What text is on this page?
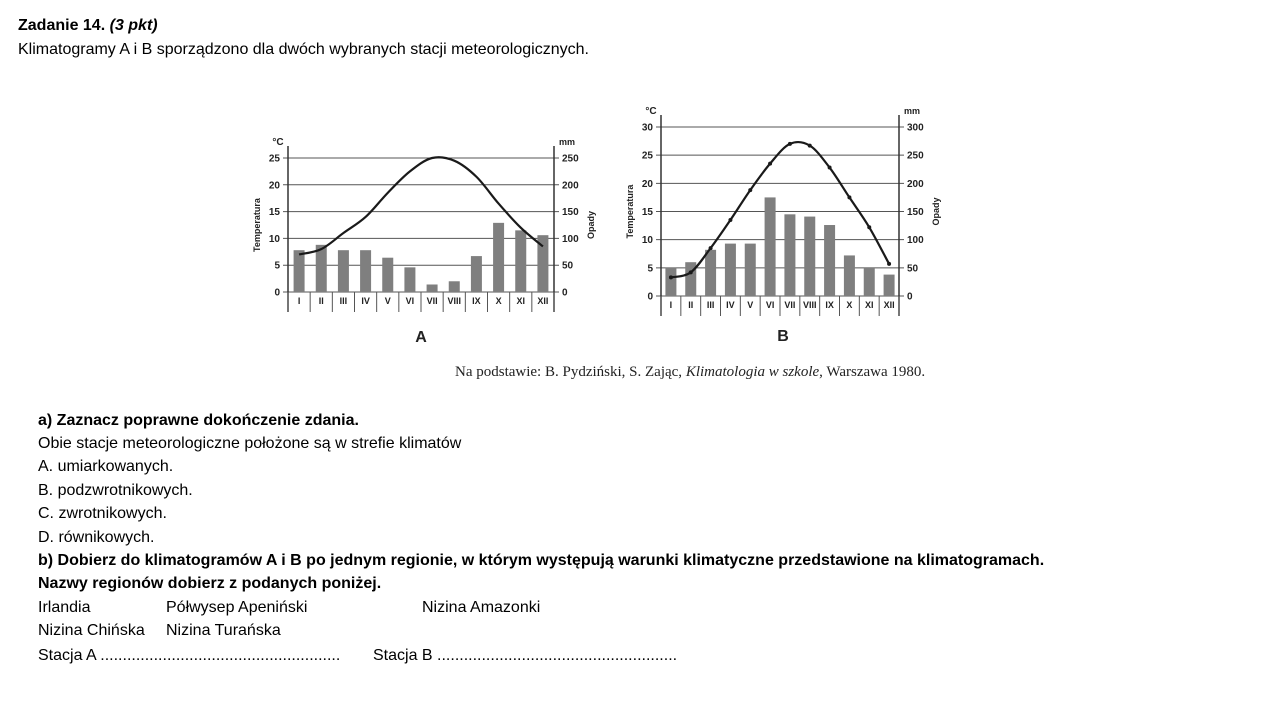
Zadanie 14. (3 pkt)
Klimatogramy A i B sporządzono dla dwóch wybranych stacji meteorologicznych.
0
5
10
15
20
25
0
50
100
150
200
250
°C	mm
Temperatura	Opady
I II III IV V VI VII VIII IX X XI XII
A
0
5
10
15
20
25
30
0
50
100
150
200
250
300
°C	mm
Temperatura	Opady
I II III IV V VI VII VIII IX X XI XII
B
Na podstawie: B. Pydziński, S. Zając, Klimatologia w szkole, Warszawa 1980.
a) Zaznacz poprawne dokończenie zdania.
Obie stacje meteorologiczne położone są w strefie klimatów
A. umiarkowanych.
B. podzwrotnikowych.
C. zwrotnikowych.
D. równikowych.
b) Dobierz do klimatogramów A i B po jednym regionie, w którym występują warunki klimatyczne przedstawione na klimatogramach.
Nazwy regionów dobierz z podanych poniżej.
Irlandia	Półwysep Apeniński	Nizina Amazonki
Nizina Chińska Nizina Turańska
Stacja A ...................................................... Stacja B ......................................................
